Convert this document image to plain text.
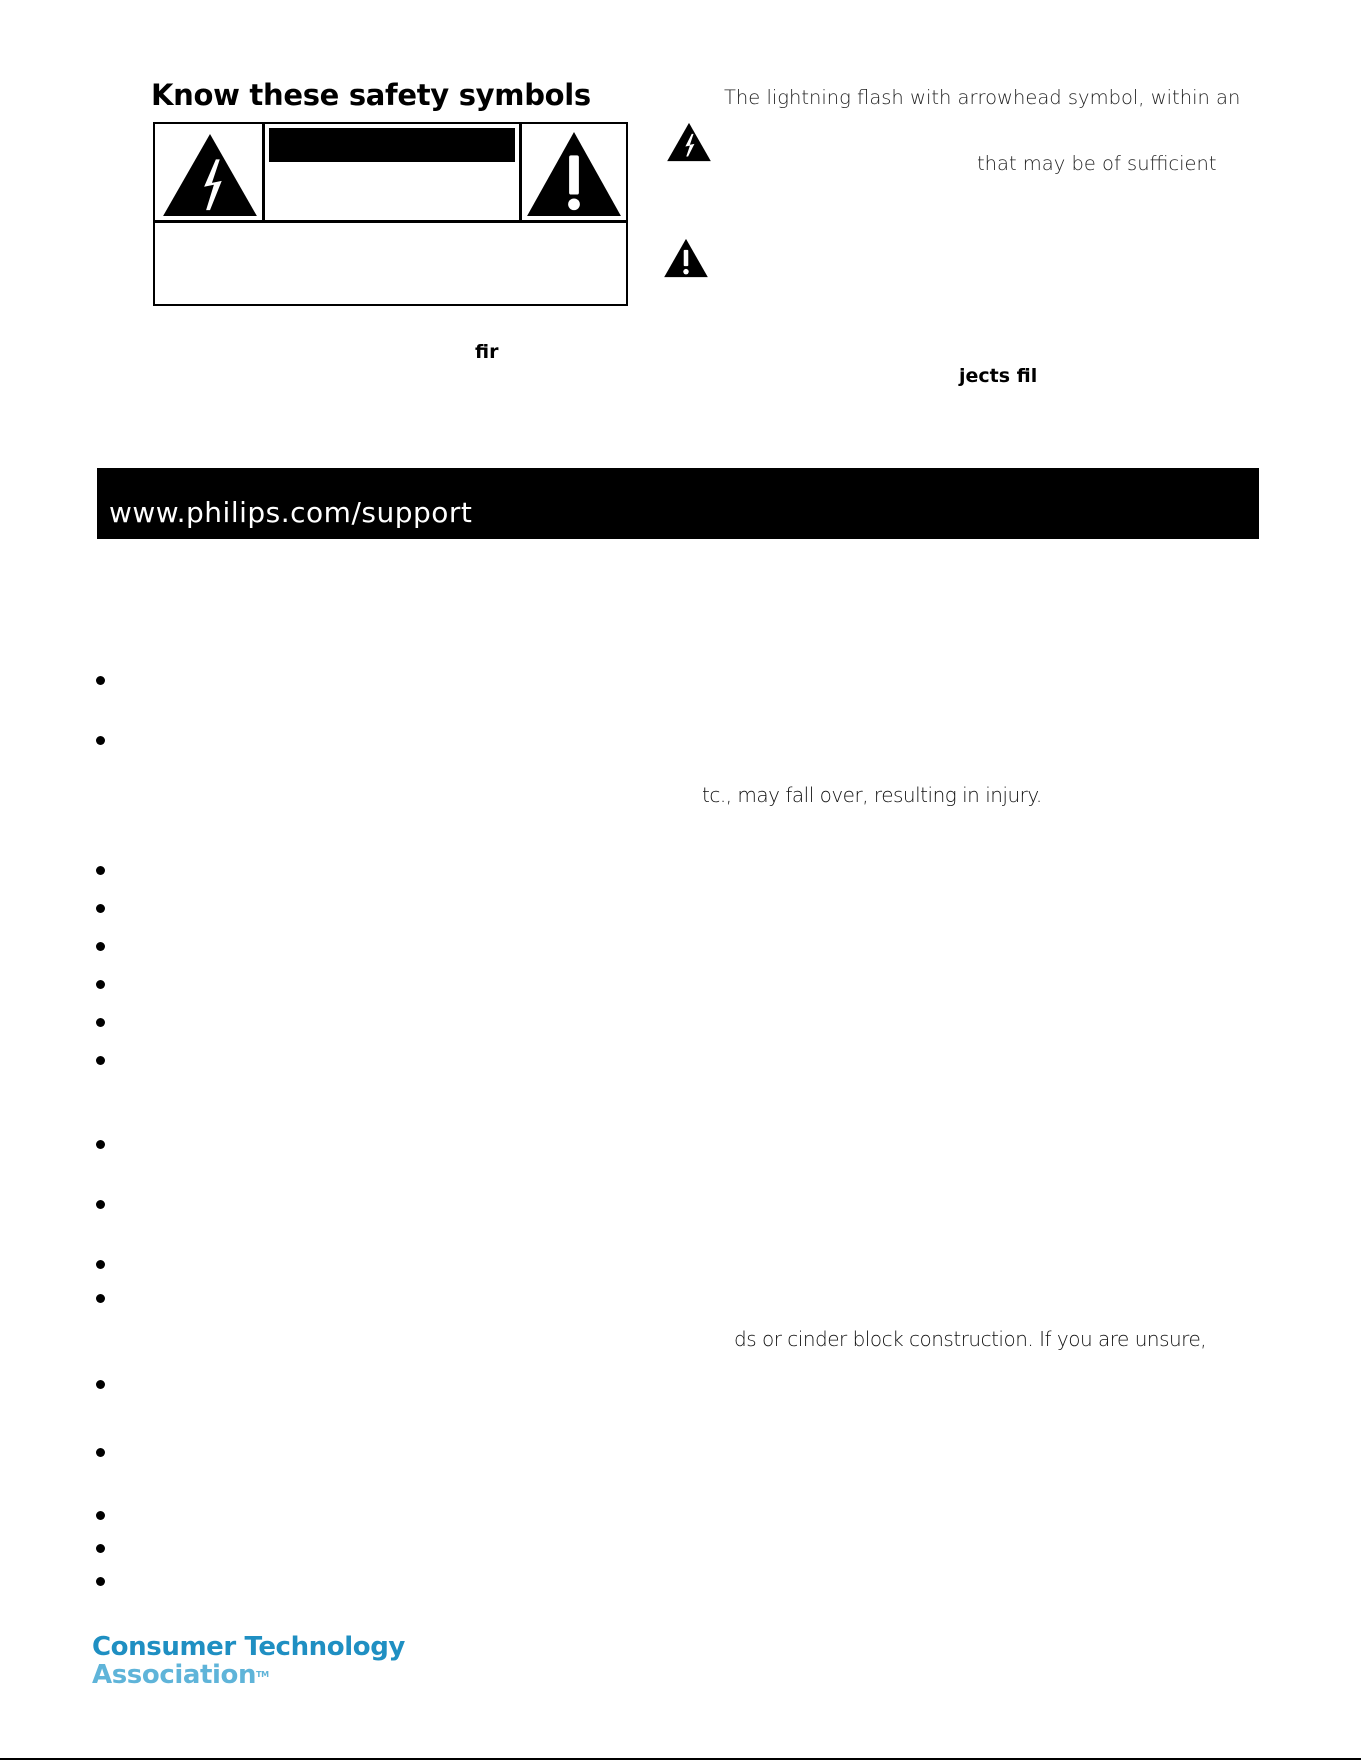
Know these safety symbols	The lightning flash with arrowhead symbol, within an
that may be of sufficient
fir
jects fil
www.philips.com/support
tc., may fall over, resulting in injury.
ds or cinder block construction. If you are unsure,
Consumer Technology
Association™
